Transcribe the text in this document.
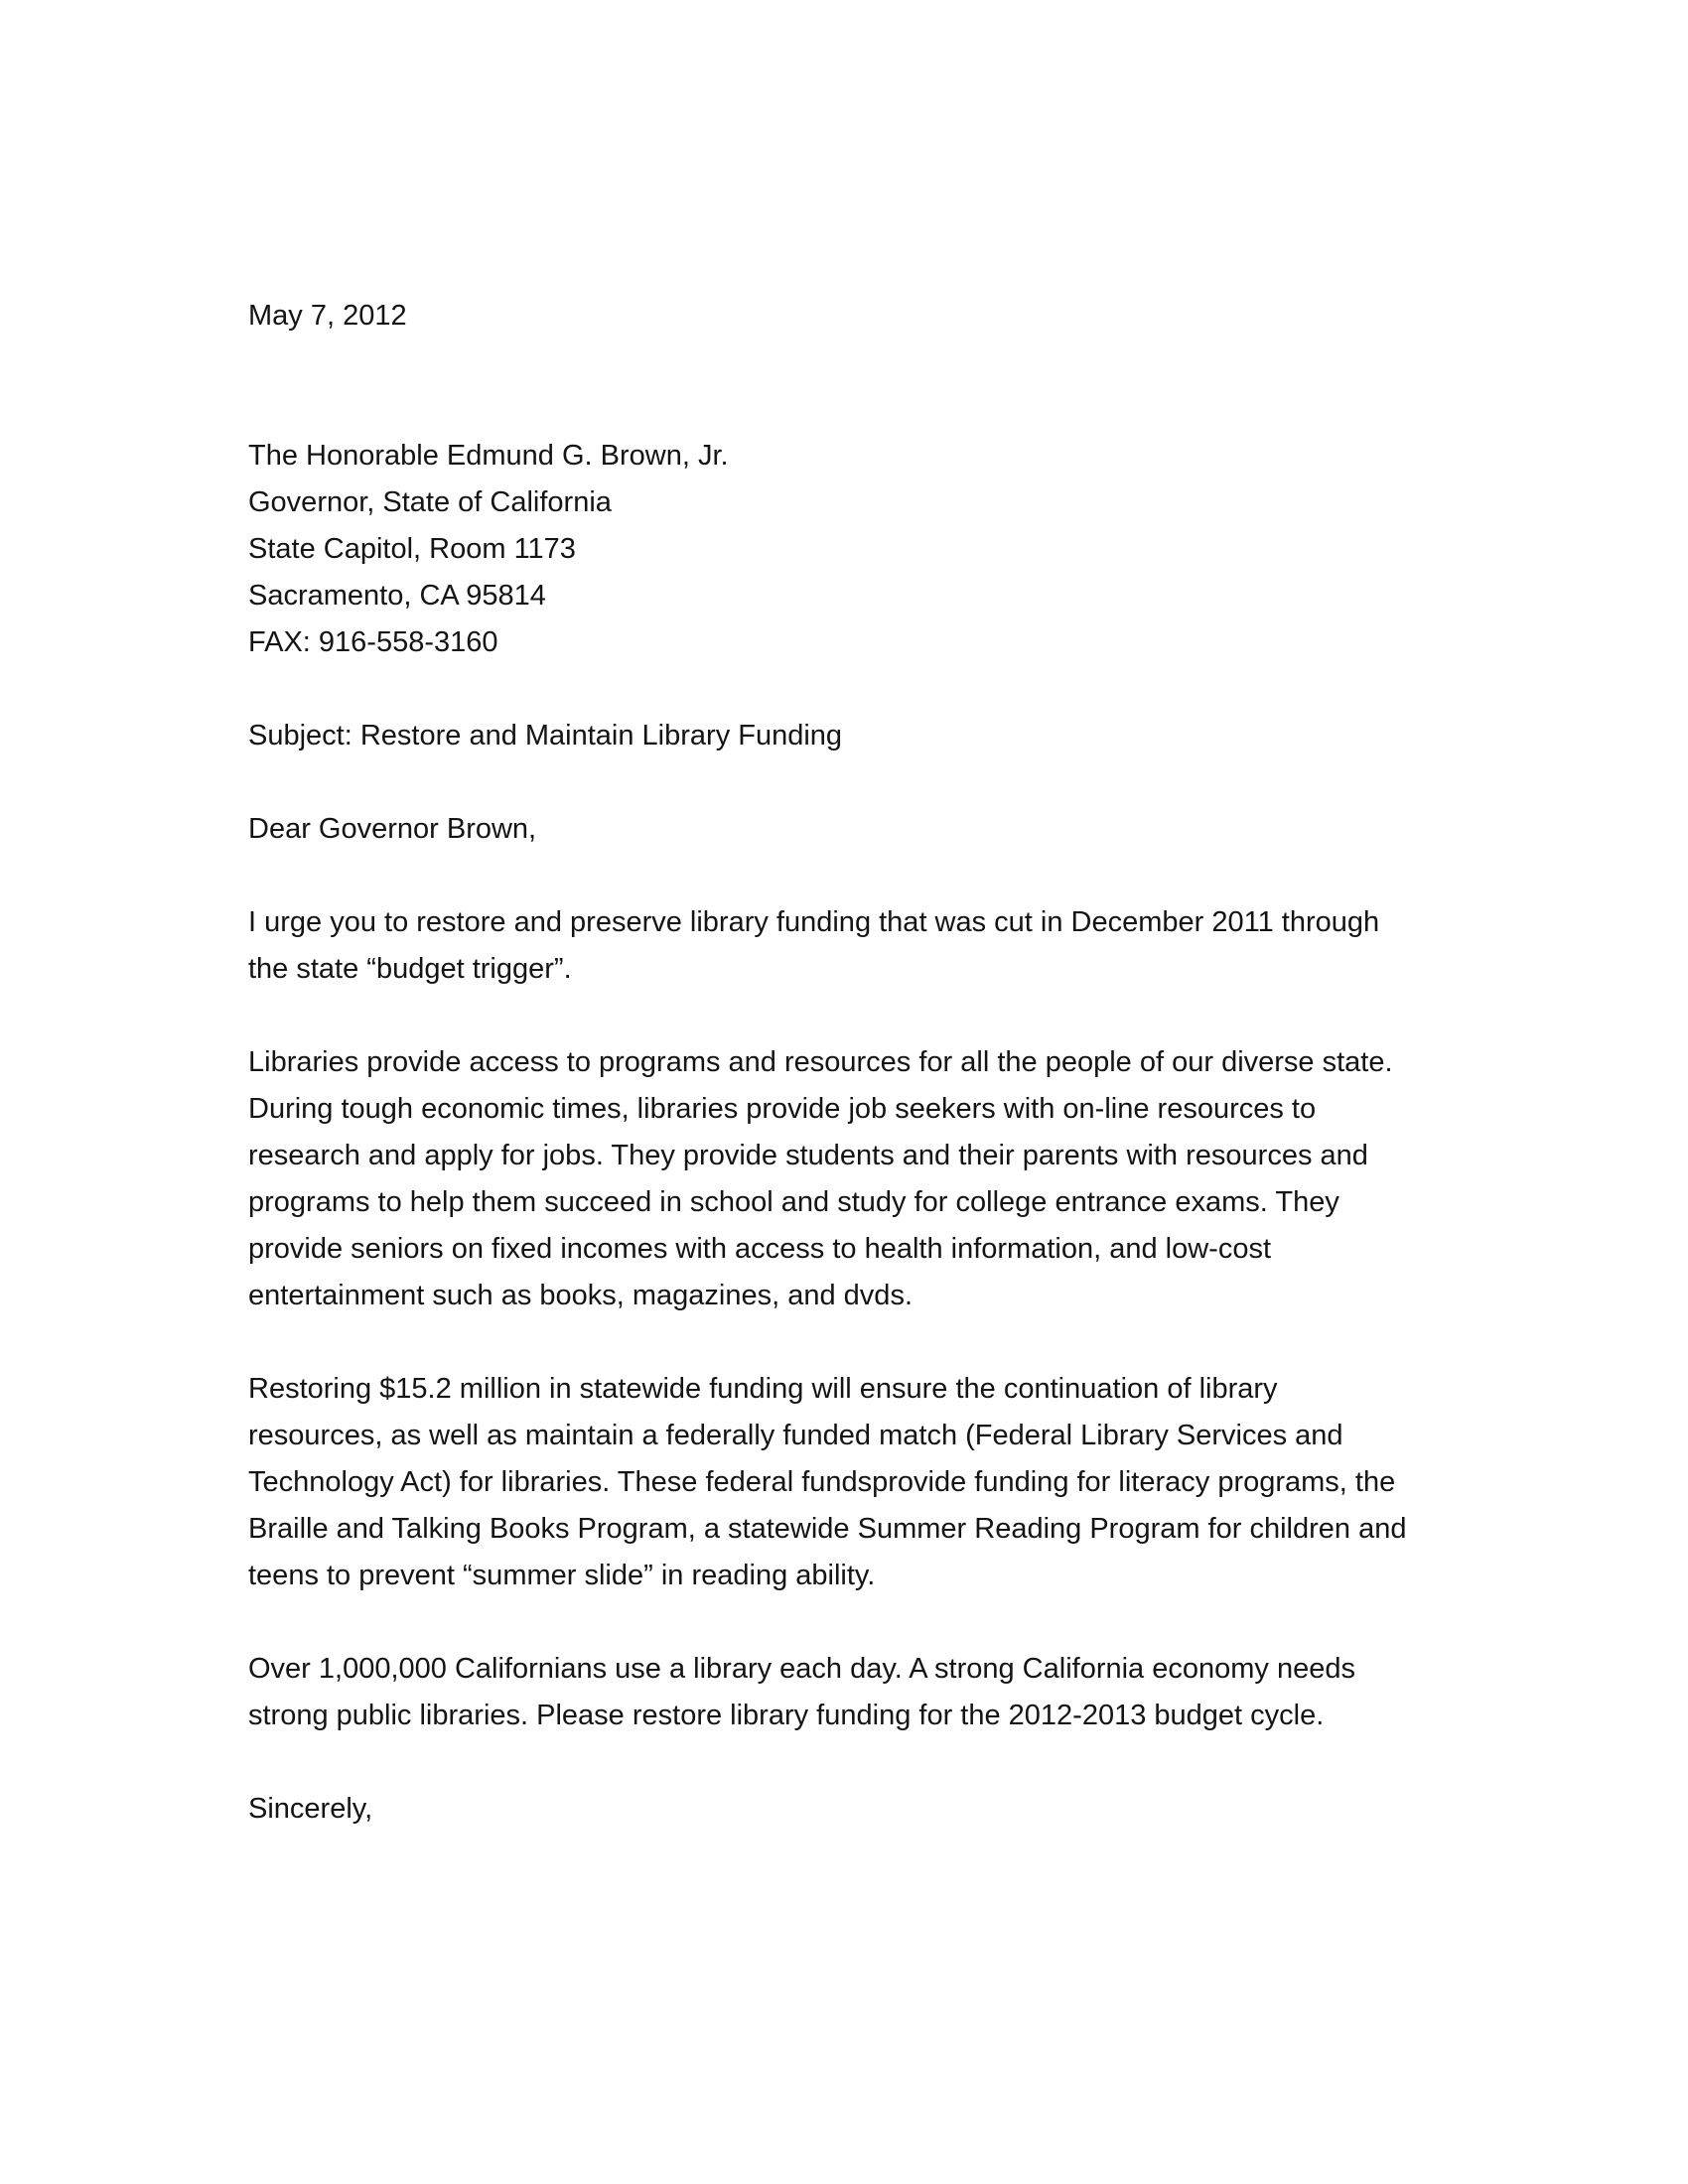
May 7, 2012
The Honorable Edmund G. Brown, Jr.
Governor, State of California
State Capitol, Room 1173
Sacramento, CA 95814
FAX: 916-558-3160
Subject: Restore and Maintain Library Funding
Dear Governor Brown,
I urge you to restore and preserve library funding that was cut in December 2011 through
the state “budget trigger”.
Libraries provide access to programs and resources for all the people of our diverse state.
During tough economic times, libraries provide job seekers with on-line resources to
research and apply for jobs. They provide students and their parents with resources and
programs to help them succeed in school and study for college entrance exams. They
provide seniors on fixed incomes with access to health information, and low-cost
entertainment such as books, magazines, and dvds.
Restoring $15.2 million in statewide funding will ensure the continuation of library
resources, as well as maintain a federally funded match (Federal Library Services and
Technology Act) for libraries. These federal fundsprovide funding for literacy programs, the
Braille and Talking Books Program, a statewide Summer Reading Program for children and
teens to prevent “summer slide” in reading ability.
Over 1,000,000 Californians use a library each day. A strong California economy needs
strong public libraries. Please restore library funding for the 2012-2013 budget cycle.
Sincerely,
